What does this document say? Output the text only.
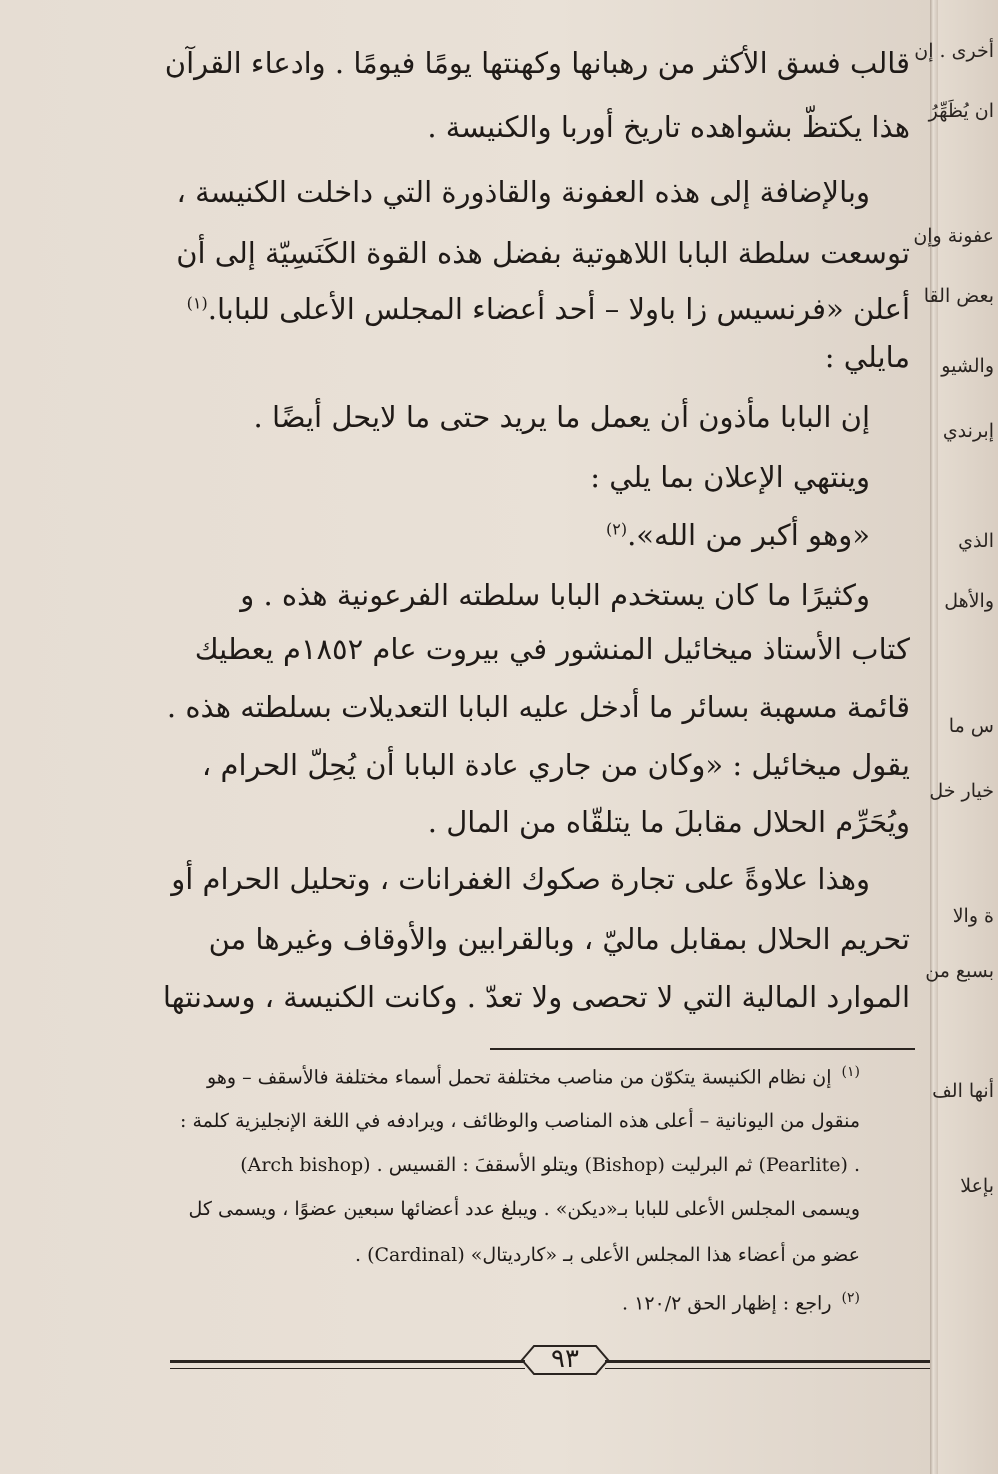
قالب فسق الأكثر من رهبانها وكهنتها يومًا فيومًا . وادعاء القرآن
هذا يكتظّ بشواهده تاريخ أوربا والكنيسة .
وبالإضافة إلى هذه العفونة والقاذورة التي داخلت الكنيسة ،
توسعت سلطة البابا اللاهوتية بفضل هذه القوة الكَنَسِيّة إلى أن
أعلن «فرنسيس زا باولا – أحد أعضاء المجلس الأعلى للبابا.$^{(١)}$
مايلي :
إن البابا مأذون أن يعمل ما يريد حتى ما لايحل أيضًا .
وينتهي الإعلان بما يلي :
«وهو أكبر من الله».$^{(٢)}$
وكثيرًا ما كان يستخدم البابا سلطته الفرعونية هذه . و
كتاب الأستاذ ميخائيل المنشور في بيروت عام ١٨٥٢م يعطيك
قائمة مسهبة بسائر ما أدخل عليه البابا التعديلات بسلطته هذه .
يقول ميخائيل : «وكان من جاري عادة البابا أن يُحِلّ الحرام ،
ويُحَرِّم الحلال مقابلَ ما يتلقّاه من المال .
وهذا علاوةً على تجارة صكوك الغفرانات ، وتحليل الحرام أو
تحريم الحلال بمقابل ماليّ ، وبالقرابين والأوقاف وغيرها من
الموارد المالية التي لا تحصى ولا تعدّ . وكانت الكنيسة ، وسدنتها
$^{(١)}$إن نظام الكنيسة يتكوّن من مناصب مختلفة تحمل أسماء مختلفة فالأسقف – وهو
منقول من اليونانية – أعلى هذه المناصب والوظائف ، ويرادفه في اللغة الإنجليزية كلمة :
(Arch bishop) . ويتلو الأسقفَ : القسيس (Bishop) ثم البرليت (Pearlite) .
ويسمى المجلس الأعلى للبابا بـ«ديكن» . ويبلغ عدد أعضائها سبعين عضوًا ، ويسمى كل
عضو من أعضاء هذا المجلس الأعلى بـ «كارديتال» (Cardinal) .
$^{(٢)}$راجع : إظهار الحق ١٢٠/٢ .
٩٣
أخرى . إن
ان يُظَهِّرُ
عفونة وإن
بعض القا
والشيو
إبرندي
الذي
والأهل
س ما
خيار خل
ة والا
بسبع من
أنها الف
بإعلا
